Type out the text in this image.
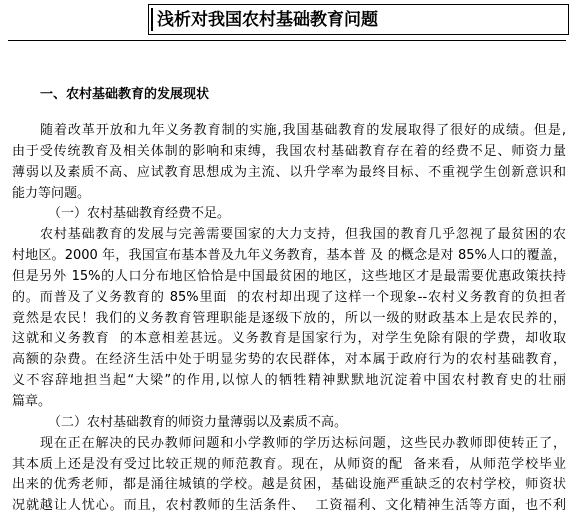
浅析对我国农村基础教育问题
一、农村基础教育的发展现状
随着改革开放和九年义务教育制的实施,我国基础教育的发展取得了很好的成绩。但是,
由于受传统教育及相关体制的影响和束缚，我国农村基础教育存在着的经费不足、师资力量
薄弱以及素质不高、应试教育思想成为主流、以升学率为最终目标、不重视学生创新意识和
能力等问题。
（一）农村基础教育经费不足。
农村基础教育的发展与完善需要国家的大力支持，但我国的教育几乎忽视了最贫困的农
村地区。2000 年，我国宣布基本普及九年义务教育，基本普 及 的概念是对 85%人口的覆盖，
但是另外 15%的人口分布地区恰恰是中国最贫困的地区，这些地区才是最需要优惠政策扶持
的。而普及了义务教育的 85%里面  的农村却出现了这样一个现象--农村义务教育的负担者
竟然是农民！我们的义务教育管理职能是逐级下放的，所以一级的财政基本上是农民养的，
这就和义务教育  的本意相差甚远。义务教育是国家行为，对学生免除有限的学费，却收取
高额的杂费。在经济生活中处于明显劣势的农民群体，对本属于政府行为的农村基础教育，
义不容辞地担当起“大梁”的作用,以惊人的牺牲精神默默地沉淀着中国农村教育史的壮丽
篇章。
（二）农村基础教育的师资力量薄弱以及素质不高。
现在正在解决的民办教师问题和小学教师的学历达标问题，这些民办教师即使转正了，
其本质上还是没有受过比较正规的师范教育。现在，从师资的配  备来看，从师范学校毕业
出来的优秀老师，都是涌往城镇的学校。越是贫困，基础设施严重缺乏的农村学校，师资状
况就越让人忧心。而且，农村教师的生活条件、  工资福利、文化精神生活等方面，也不利
